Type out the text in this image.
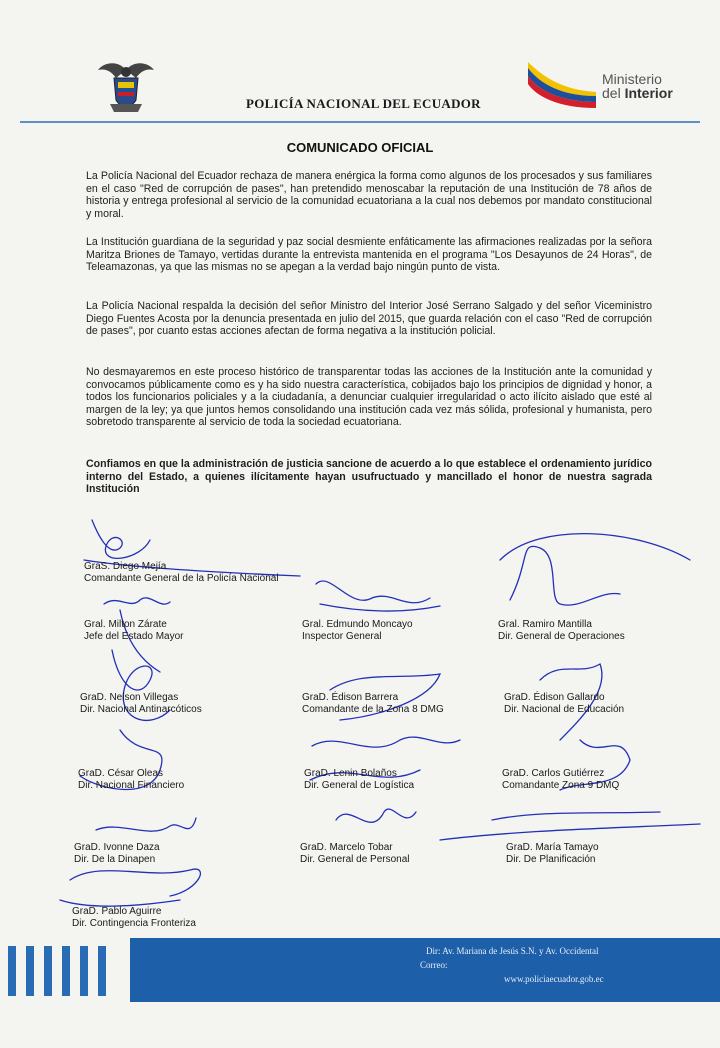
POLICÍA NACIONAL DEL ECUADOR
Ministerio
del Interior
COMUNICADO OFICIAL
La Policía Nacional del Ecuador rechaza de manera enérgica la forma como algunos de los procesados y sus familiares en el caso "Red de corrupción de pases", han pretendido menoscabar la reputación de una Institución de 78 años de historia y entrega profesional al servicio de la comunidad ecuatoriana a la cual nos debemos por mandato constitucional y moral.
La Institución guardiana de la seguridad y paz social desmiente enfáticamente las afirmaciones realizadas por la señora Maritza Briones de Tamayo, vertidas durante la entrevista mantenida en el programa "Los Desayunos de 24 Horas", de Teleamazonas, ya que las mismas no se apegan a la verdad bajo ningún punto de vista.
La Policía Nacional respalda la decisión del señor Ministro del Interior José Serrano Salgado y del señor Viceministro Diego Fuentes Acosta por la denuncia presentada en julio del 2015, que guarda relación con el caso "Red de corrupción de pases", por cuanto estas acciones afectan de forma negativa a la institución policial.
No desmayaremos en este proceso histórico de transparentar todas las acciones de la Institución ante la comunidad y convocamos públicamente como es y ha sido nuestra característica, cobijados bajo los principios de dignidad y honor, a todos los funcionarios policiales y a la ciudadanía, a denunciar cualquier irregularidad o acto ilícito aislado que esté al margen de la ley; ya que juntos hemos consolidando una institución cada vez más sólida, profesional y humanista, pero sobretodo transparente al servicio de toda la sociedad ecuatoriana.
Confiamos en que la administración de justicia sancione de acuerdo a lo que establece el ordenamiento jurídico interno del Estado, a quienes ilícitamente hayan usufructuado y mancillado el honor de nuestra sagrada Institución
GraS. Diego Mejía
Comandante General de la Policía Nacional
Gral. Milton Zárate
Jefe del Estado Mayor
Gral. Edmundo Moncayo
Inspector General
Gral. Ramiro Mantilla
Dir. General de Operaciones
GraD. Nelson Villegas
Dir. Nacional Antinarcóticos
GraD. Édison Barrera
Comandante de la Zona 8 DMG
GraD. Édison Gallardo
Dir. Nacional de Educación
GraD. César Oleas
Dir. Nacional Financiero
GraD. Lenin Bolaños
Dir. General de Logística
GraD. Carlos Gutiérrez
Comandante Zona 9 DMQ
GraD. Ivonne Daza
Dir. De la Dinapen
GraD. Marcelo Tobar
Dir. General de Personal
GraD. María Tamayo
Dir. De Planificación
GraD. Pablo Aguirre
Dir. Contingencia Fronteriza
Dir: Av. Mariana de Jesús S.N. y Av. Occidental
Correo:
www.policiaecuador.gob.ec
